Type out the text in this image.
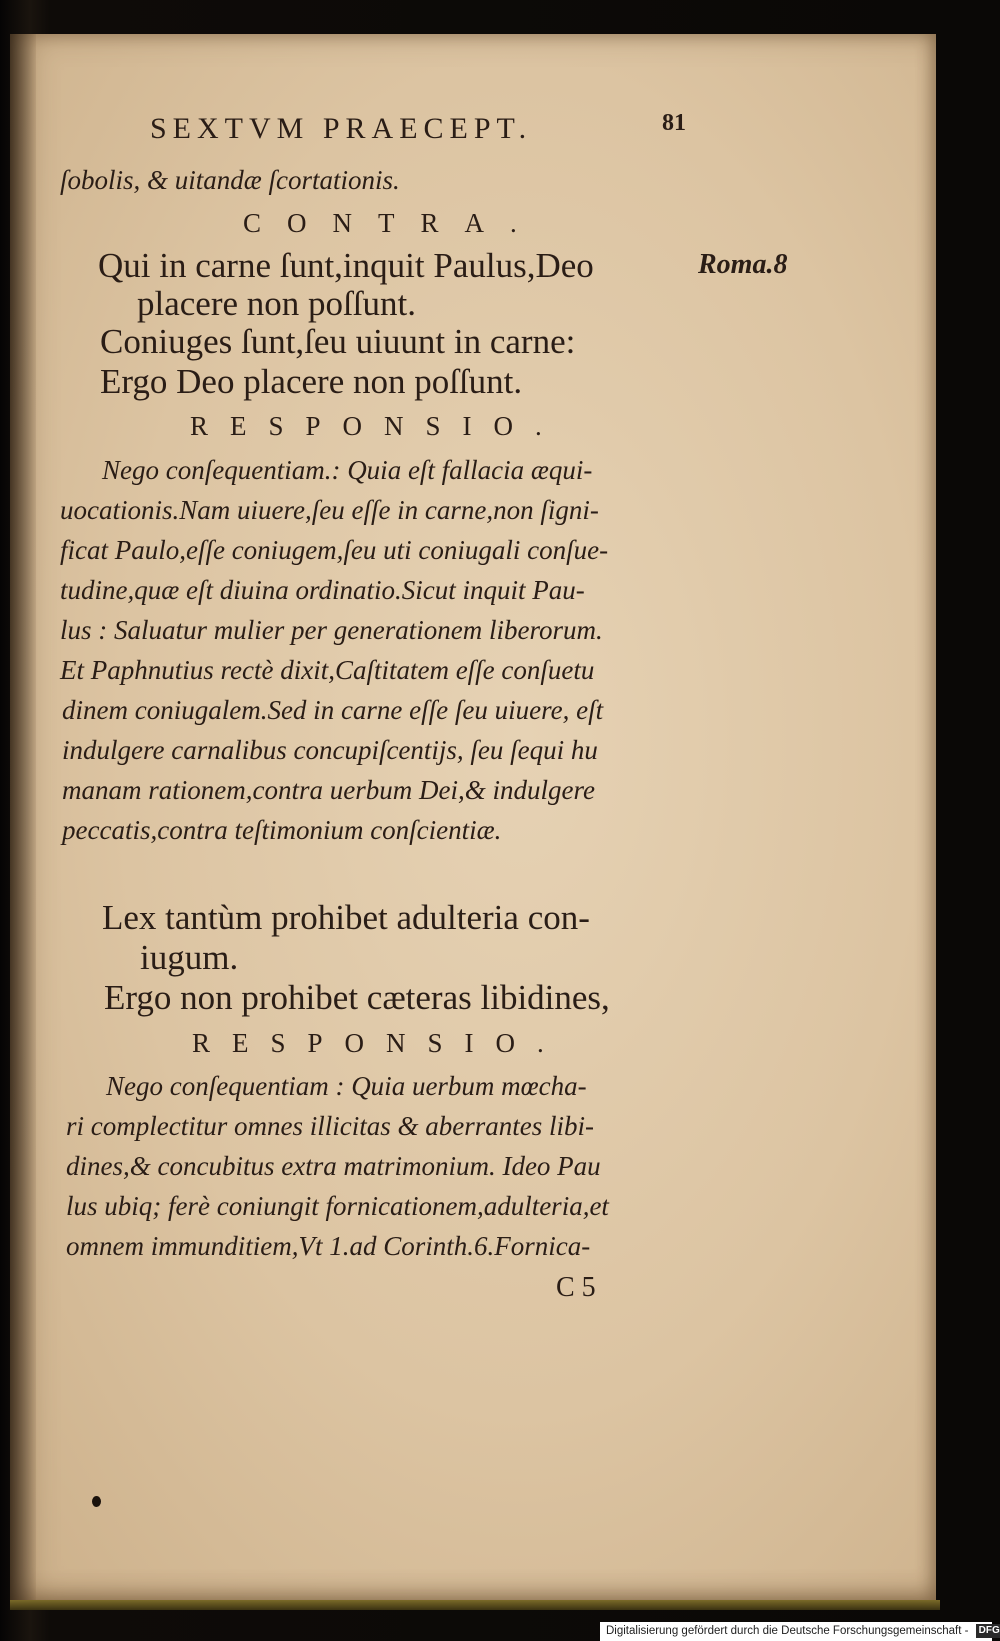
SEXTVM PRAECEPT.	81
ſobolis, & uitandæ ſcortationis.
CONTRA.
Qui in carne ſunt,inquit Paulus,Deo	Roma.8
placere non poſſunt.
Coniuges ſunt,ſeu uiuunt in carne:
Ergo Deo placere non poſſunt.
RESPONSIO.
Nego conſequentiam.: Quia eſt fallacia æqui-
uocationis.Nam uiuere,ſeu eſſe in carne,non ſigni-
ficat Paulo,eſſe coniugem,ſeu uti coniugali conſue-
tudine,quæ eſt diuina ordinatio.Sicut inquit Pau-
lus : Saluatur mulier per generationem liberorum.
Et Paphnutius rectè dixit,Caſtitatem eſſe conſuetu
dinem coniugalem.Sed in carne eſſe ſeu uiuere, eſt
indulgere carnalibus concupiſcentijs, ſeu ſequi hu
manam rationem,contra uerbum Dei,& indulgere
peccatis,contra teſtimonium conſcientiæ.
Lex tantùm prohibet adulteria con-
iugum.
Ergo non prohibet cæteras libidines,
RESPONSIO.
Nego conſequentiam : Quia uerbum mœcha-
ri complectitur omnes illicitas & aberrantes libi-
dines,& concubitus extra matrimonium. Ideo Pau
lus ubiq; ferè coniungit fornicationem,adulteria,et
omnem immunditiem,Vt 1.ad Corinth.6.Fornica-
C 5
Digitalisierung gefördert durch die Deutsche Forschungsgemeinschaft - DFG
